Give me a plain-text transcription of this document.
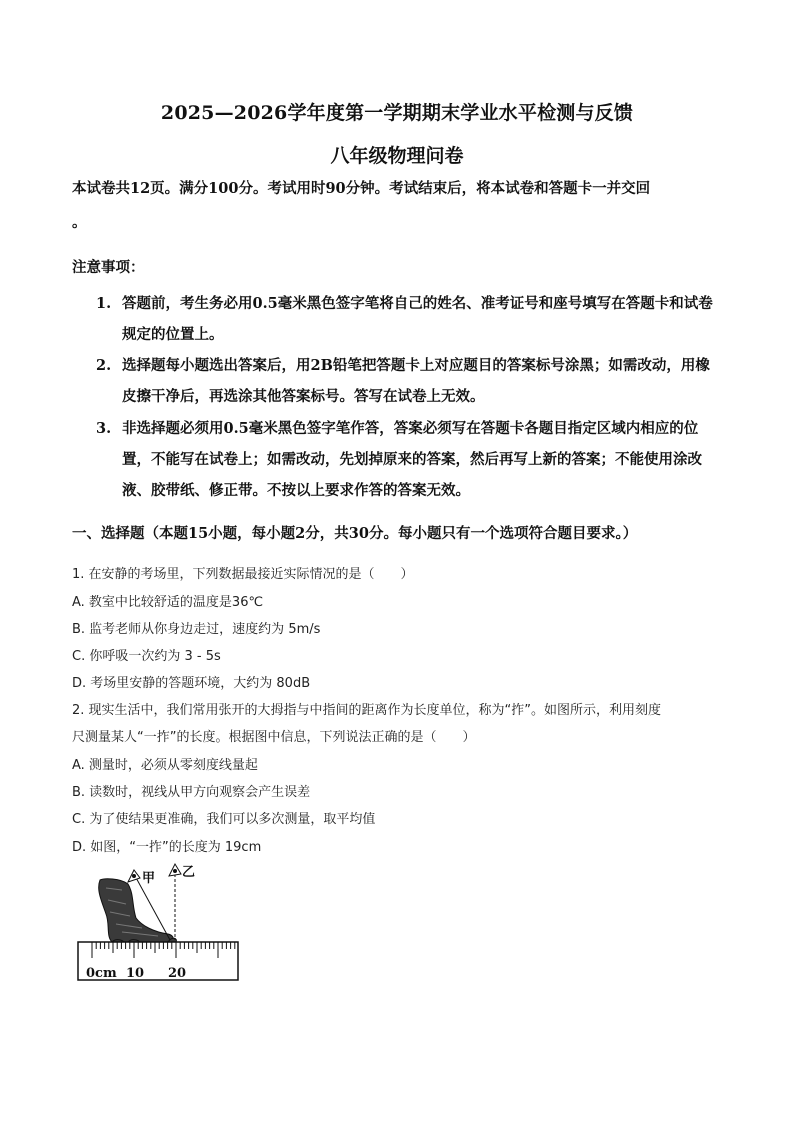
2025—2026学年度第一学期期末学业水平检测与反馈
八年级物理问卷
本试卷共12页。满分100分。考试用时90分钟。考试结束后，将本试卷和答题卡一并交回
。
注意事项：
1. 答题前，考生务必用0.5毫米黑色签字笔将自己的姓名、准考证号和座号填写在答题卡和试卷规定的位置上。
2. 选择题每小题选出答案后，用2B铅笔把答题卡上对应题目的答案标号涂黑；如需改动，用橡皮擦干净后，再选涂其他答案标号。答写在试卷上无效。
3. 非选择题必须用0.5毫米黑色签字笔作答，答案必须写在答题卡各题目指定区域内相应的位置，不能写在试卷上；如需改动，先划掉原来的答案，然后再写上新的答案；不能使用涂改液、胶带纸、修正带。不按以上要求作答的答案无效。
一、选择题（本题15小题，每小题2分，共30分。每小题只有一个选项符合题目要求。）
1. 在安静的考场里，下列数据最接近实际情况的是（　　）
A. 教室中比较舒适的温度是36℃
B. 监考老师从你身边走过，速度约为 5m/s
C. 你呼吸一次约为 3 - 5s
D. 考场里安静的答题环境，大约为 80dB
2. 现实生活中，我们常用张开的大拇指与中指间的距离作为长度单位，称为“拃”。如图所示，利用刻度
尺测量某人“一拃”的长度。根据图中信息，下列说法正确的是（　　）
A. 测量时，必须从零刻度线量起
B. 读数时，视线从甲方向观察会产生误差
C. 为了使结果更准确，我们可以多次测量，取平均值
D. 如图，“一拃”的长度为 19cm
甲 乙
0cm 10 20
